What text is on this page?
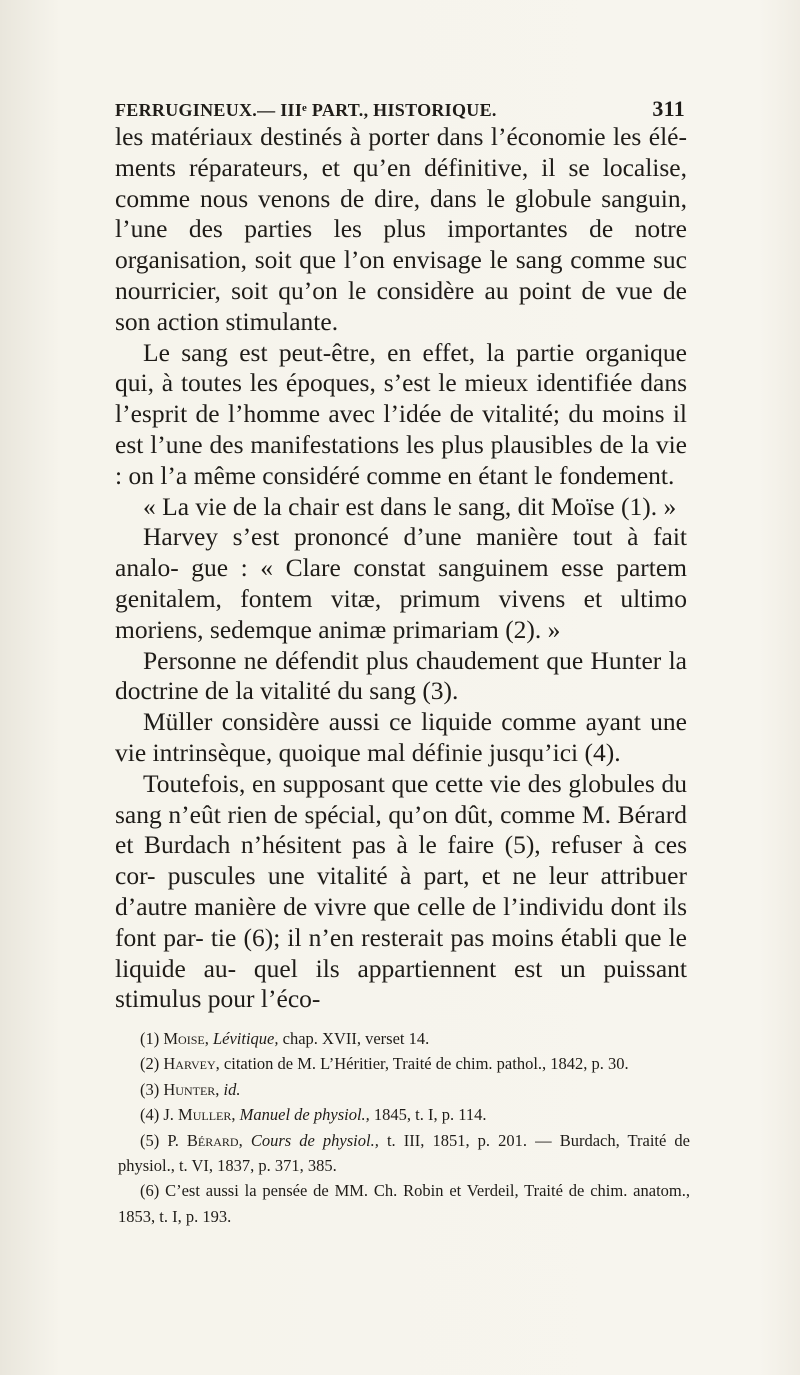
FERRUGINEUX.— IIIᵉ PART., HISTORIQUE.	311

les matériaux destinés à porter dans l’économie les élé- ments réparateurs, et qu’en définitive, il se localise, comme nous venons de dire, dans le globule sanguin, l’une des parties les plus importantes de notre organisation, soit que l’on envisage le sang comme suc nourricier, soit qu’on le considère au point de vue de son action stimulante.

Le sang est peut-être, en effet, la partie organique qui, à toutes les époques, s’est le mieux identifiée dans l’esprit de l’homme avec l’idée de vitalité; du moins il est l’une des manifestations les plus plausibles de la vie : on l’a même considéré comme en étant le fondement.

« La vie de la chair est dans le sang, dit Moïse (1). »

Harvey s’est prononcé d’une manière tout à fait analo- gue : « Clare constat sanguinem esse partem genitalem, fontem vitæ, primum vivens et ultimo moriens, sedemque animæ primariam (2). »

Personne ne défendit plus chaudement que Hunter la doctrine de la vitalité du sang (3).

Müller considère aussi ce liquide comme ayant une vie intrinsèque, quoique mal définie jusqu’ici (4).

Toutefois, en supposant que cette vie des globules du sang n’eût rien de spécial, qu’on dût, comme M. Bérard et Burdach n’hésitent pas à le faire (5), refuser à ces cor- puscules une vitalité à part, et ne leur attribuer d’autre manière de vivre que celle de l’individu dont ils font par- tie (6); il n’en resterait pas moins établi que le liquide au- quel ils appartiennent est un puissant stimulus pour l’éco-

(1) Moise, Lévitique, chap. XVII, verset 14.

(2) Harvey, citation de M. L’Héritier, Traité de chim. pathol., 1842, p. 30.

(3) Hunter, id.

(4) J. Muller, Manuel de physiol., 1845, t. I, p. 114.

(5) P. Bérard, Cours de physiol., t. III, 1851, p. 201. — Burdach, Traité de physiol., t. VI, 1837, p. 371, 385.

(6) C’est aussi la pensée de MM. Ch. Robin et Verdeil, Traité de chim. anatom., 1853, t. I, p. 193.
